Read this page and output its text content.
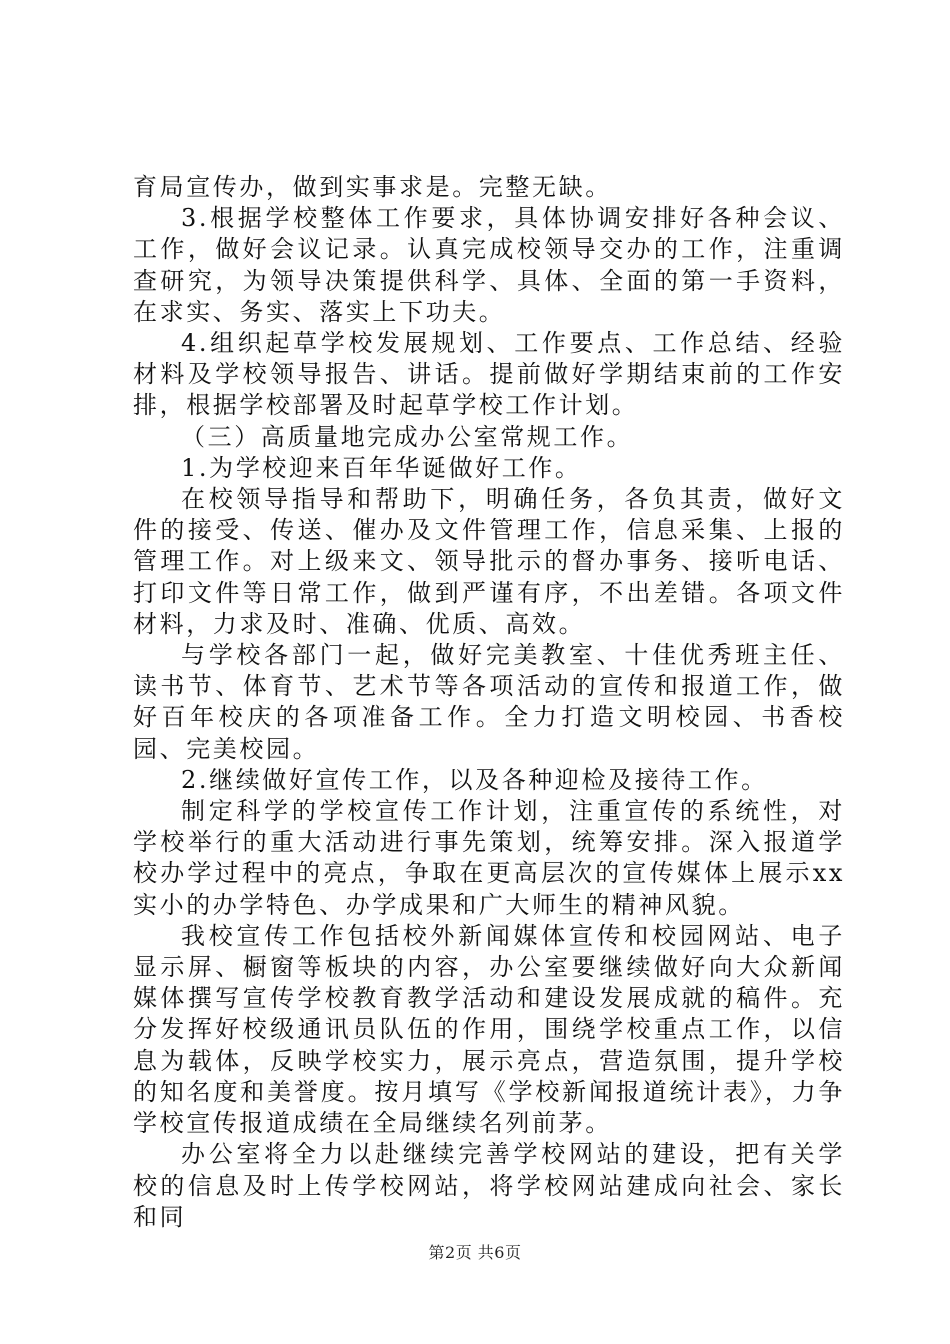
育局宣传办，做到实事求是。完整无缺。

3.根据学校整体工作要求，具体协调安排好各种会议、工作，做好会议记录。认真完成校领导交办的工作，注重调查研究，为领导决策提供科学、具体、全面的第一手资料，在求实、务实、落实上下功夫。

4.组织起草学校发展规划、工作要点、工作总结、经验材料及学校领导报告、讲话。提前做好学期结束前的工作安排，根据学校部署及时起草学校工作计划。

（三）高质量地完成办公室常规工作。

1.为学校迎来百年华诞做好工作。

在校领导指导和帮助下，明确任务，各负其责，做好文件的接受、传送、催办及文件管理工作，信息采集、上报的管理工作。对上级来文、领导批示的督办事务、接听电话、打印文件等日常工作，做到严谨有序，不出差错。各项文件材料，力求及时、准确、优质、高效。

与学校各部门一起，做好完美教室、十佳优秀班主任、读书节、体育节、艺术节等各项活动的宣传和报道工作，做好百年校庆的各项准备工作。全力打造文明校园、书香校园、完美校园。

2.继续做好宣传工作，以及各种迎检及接待工作。

制定科学的学校宣传工作计划，注重宣传的系统性，对学校举行的重大活动进行事先策划，统筹安排。深入报道学校办学过程中的亮点，争取在更高层次的宣传媒体上展示xx实小的办学特色、办学成果和广大师生的精神风貌。

我校宣传工作包括校外新闻媒体宣传和校园网站、电子显示屏、橱窗等板块的内容，办公室要继续做好向大众新闻媒体撰写宣传学校教育教学活动和建设发展成就的稿件。充分发挥好校级通讯员队伍的作用，围绕学校重点工作，以信息为载体，反映学校实力，展示亮点，营造氛围，提升学校的知名度和美誉度。按月填写《学校新闻报道统计表》，力争学校宣传报道成绩在全局继续名列前茅。

办公室将全力以赴继续完善学校网站的建设，把有关学校的信息及时上传学校网站，将学校网站建成向社会、家长和同

第2页 共6页
